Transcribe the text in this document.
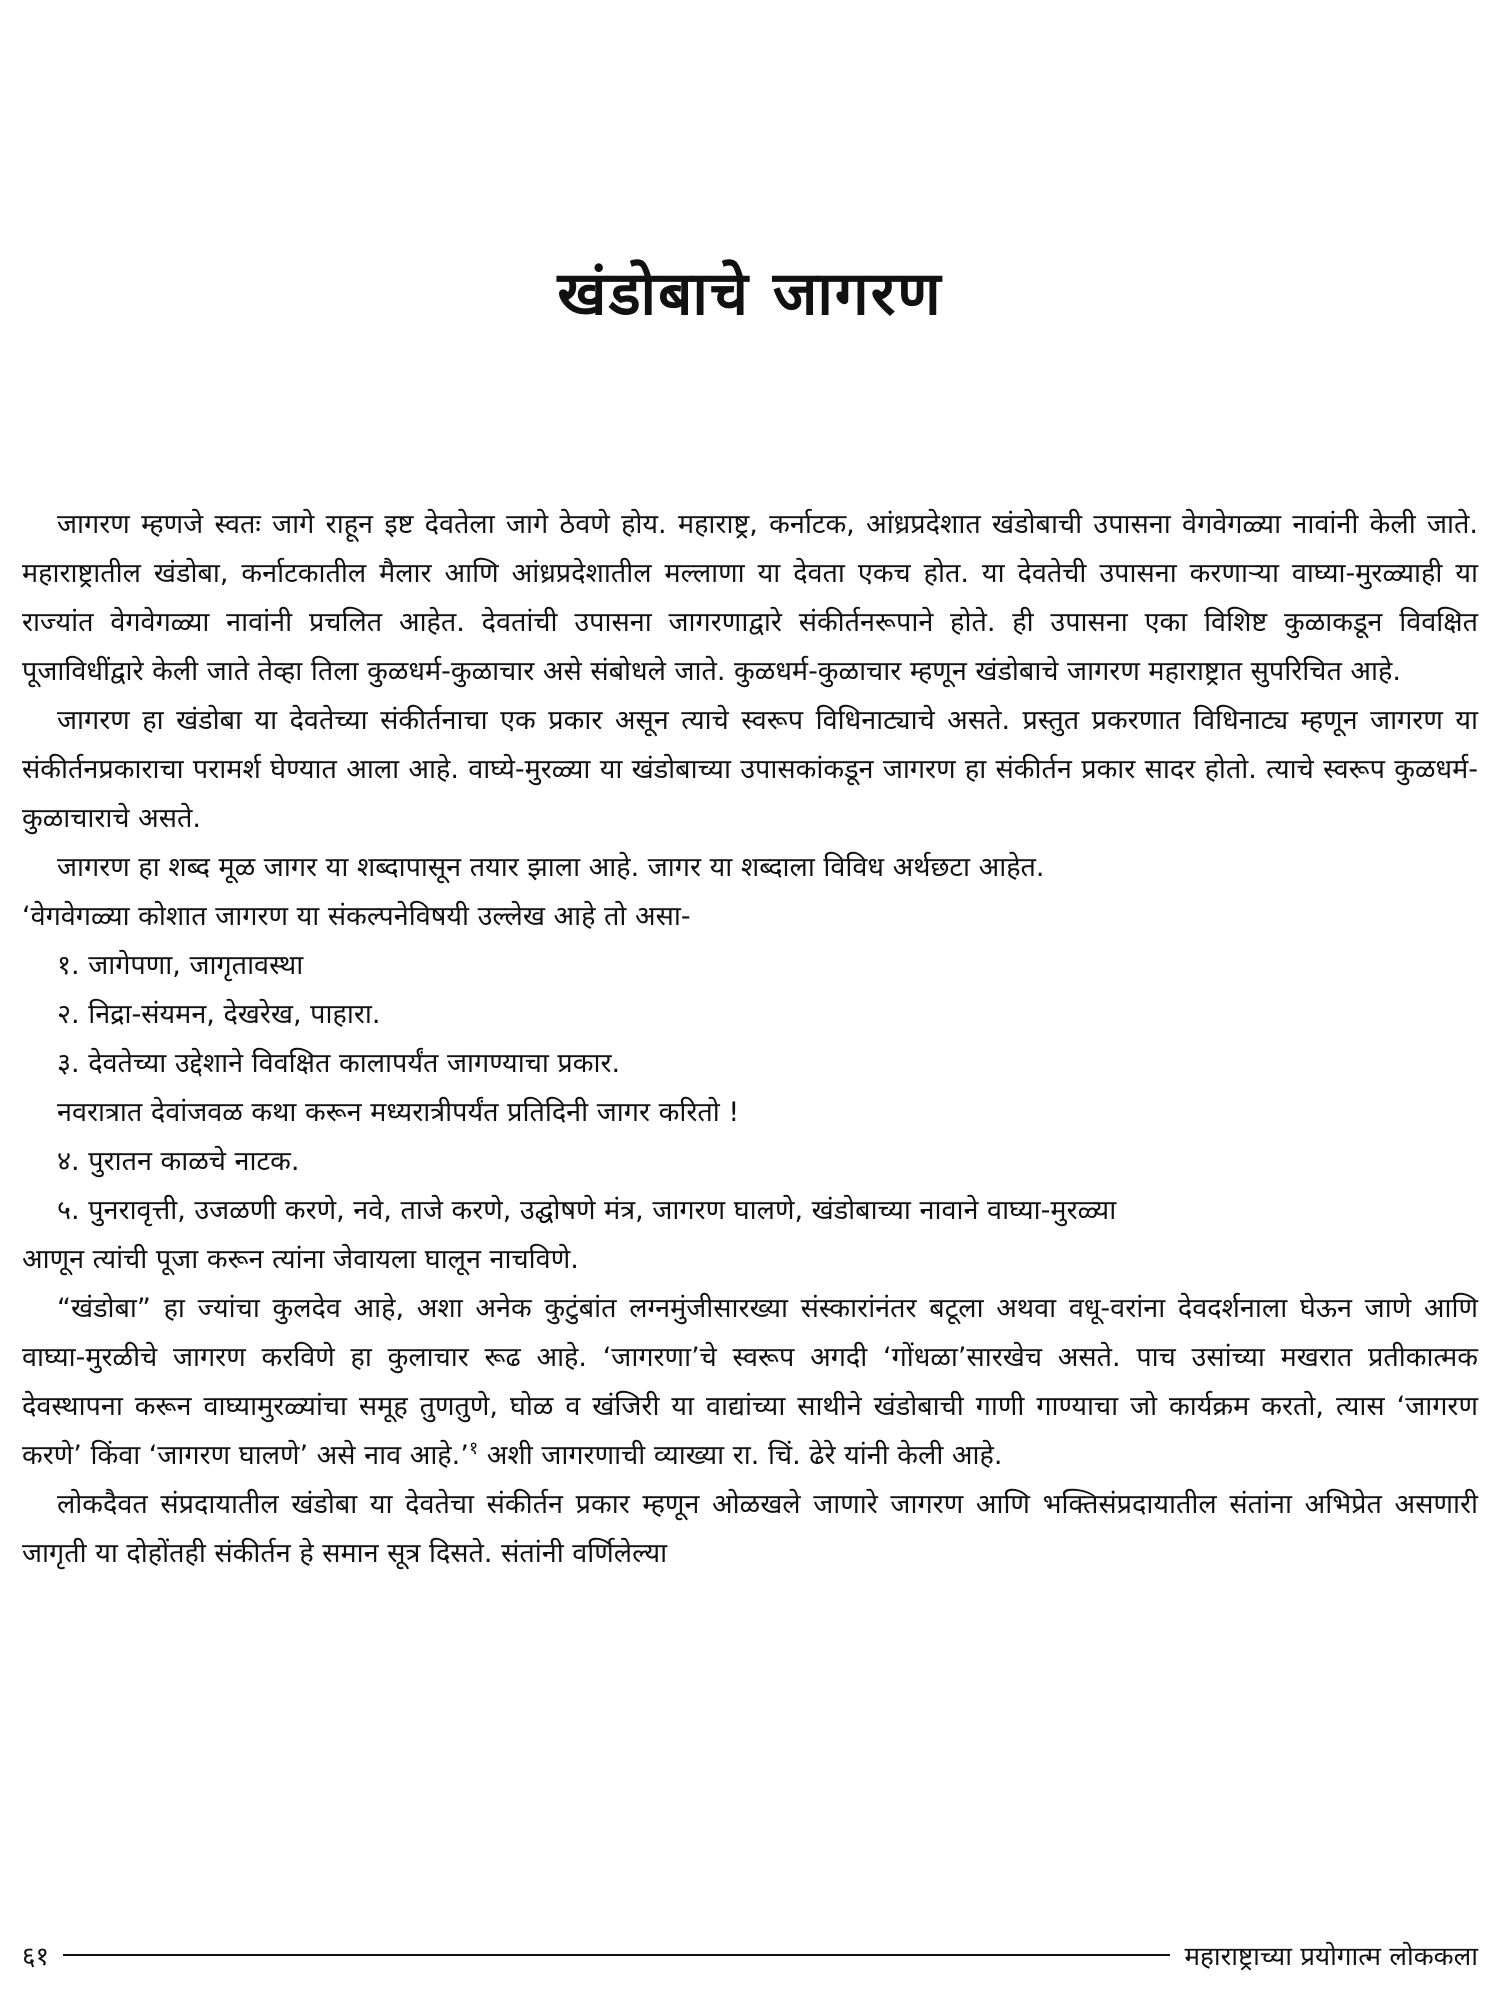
खंडोबाचे जागरण

जागरण म्हणजे स्वतः जागे राहून इष्ट देवतेला जागे ठेवणे होय. महाराष्ट्र, कर्नाटक, आंध्रप्रदेशात खंडोबाची उपासना वेगवेगळ्या नावांनी केली जाते. महाराष्ट्रातील खंडोबा, कर्नाटकातील मैलार आणि आंध्रप्रदेशातील मल्लाणा या देवता एकच होत. या देवतेची उपासना करणाऱ्या वाघ्या-मुरळ्याही या राज्यांत वेगवेगळ्या नावांनी प्रचलित आहेत. देवतांची उपासना जागरणाद्वारे संकीर्तनरूपाने होते. ही उपासना एका विशिष्ट कुळाकडून विवक्षित पूजाविधींद्वारे केली जाते तेव्हा तिला कुळधर्म-कुळाचार असे संबोधले जाते. कुळधर्म-कुळाचार म्हणून खंडोबाचे जागरण महाराष्ट्रात सुपरिचित आहे.

जागरण हा खंडोबा या देवतेच्या संकीर्तनाचा एक प्रकार असून त्याचे स्वरूप विधिनाट्याचे असते. प्रस्तुत प्रकरणात विधिनाट्य म्हणून जागरण या संकीर्तनप्रकाराचा परामर्श घेण्यात आला आहे. वाघ्ये-मुरळ्या या खंडोबाच्या उपासकांकडून जागरण हा संकीर्तन प्रकार सादर होतो. त्याचे स्वरूप कुळधर्म-कुळाचाराचे असते.

जागरण हा शब्द मूळ जागर या शब्दापासून तयार झाला आहे. जागर या शब्दाला विविध अर्थछटा आहेत.

‘वेगवेगळ्या कोशात जागरण या संकल्पनेविषयी उल्लेख आहे तो असा-

१. जागेपणा, जागृतावस्था

२. निद्रा-संयमन, देखरेख, पाहारा.

३. देवतेच्या उद्देशाने विवक्षित कालापर्यंत जागण्याचा प्रकार.

नवरात्रात देवांजवळ कथा करून मध्यरात्रीपर्यंत प्रतिदिनी जागर करितो !

४. पुरातन काळचे नाटक.

५. पुनरावृत्ती, उजळणी करणे, नवे, ताजे करणे, उद्घोषणे मंत्र, जागरण घालणे, खंडोबाच्या नावाने वाघ्या-मुरळ्या

आणून त्यांची पूजा करून त्यांना जेवायला घालून नाचविणे.

“खंडोबा” हा ज्यांचा कुलदेव आहे, अशा अनेक कुटुंबांत लग्नमुंजीसारख्या संस्कारांनंतर बटूला अथवा वधू-वरांना देवदर्शनाला घेऊन जाणे आणि वाघ्या-मुरळीचे जागरण करविणे हा कुलाचार रूढ आहे. ‘जागरणा’चे स्वरूप अगदी ‘गोंधळा’सारखेच असते. पाच उसांच्या मखरात प्रतीकात्मक देवस्थापना करून वाघ्यामुरळ्यांचा समूह तुणतुणे, घोळ व खंजिरी या वाद्यांच्या साथीने खंडोबाची गाणी गाण्याचा जो कार्यक्रम करतो, त्यास ‘जागरण करणे’ किंवा ‘जागरण घालणे’ असे नाव आहे.’$^१$ अशी जागरणाची व्याख्या रा. चिं. ढेरे यांनी केली आहे.

लोकदैवत संप्रदायातील खंडोबा या देवतेचा संकीर्तन प्रकार म्हणून ओळखले जाणारे जागरण आणि भक्तिसंप्रदायातील संतांना अभिप्रेत असणारी जागृती या दोहोंतही संकीर्तन हे समान सूत्र दिसते. संतांनी वर्णिलेल्या

६१	महाराष्ट्राच्या प्रयोगात्म लोककला
